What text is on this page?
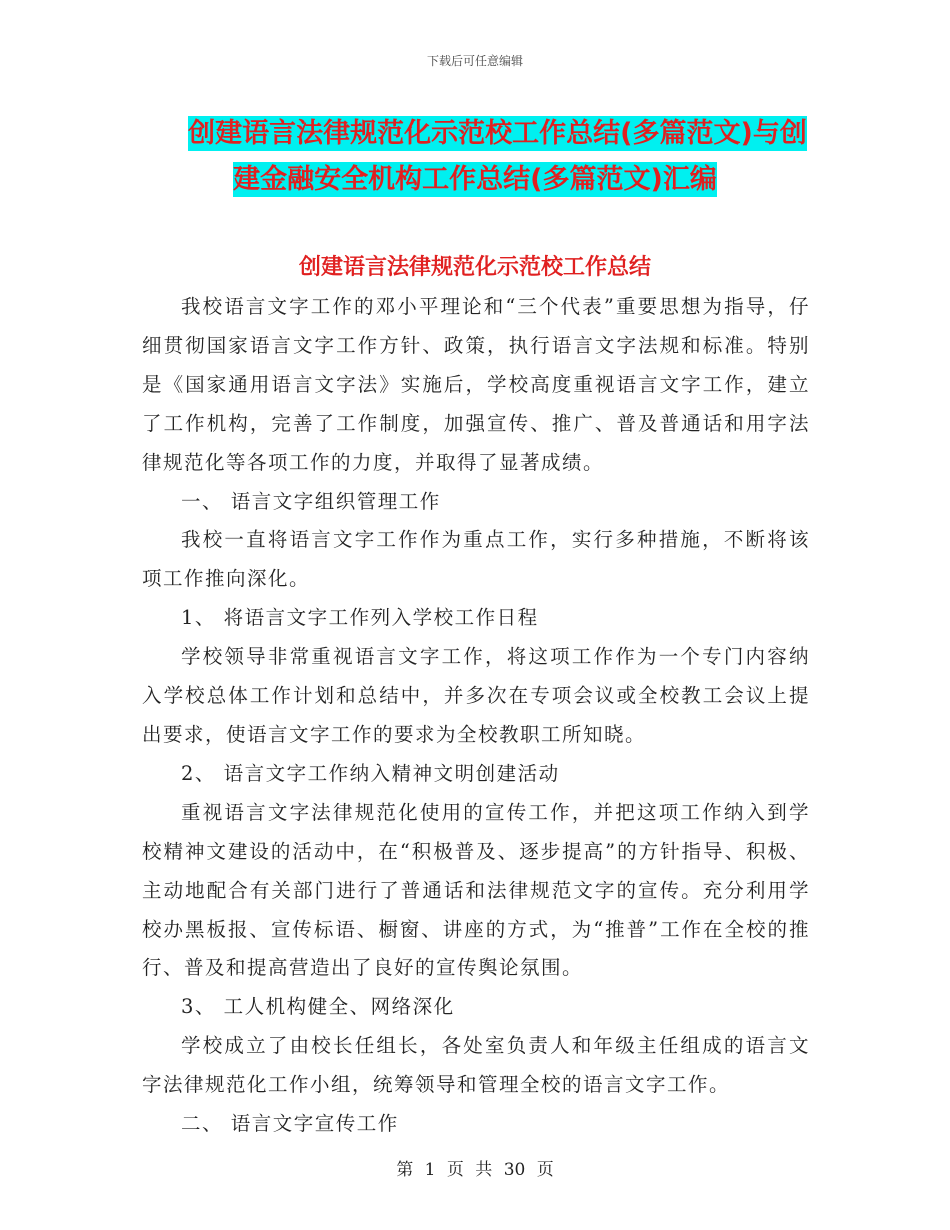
下载后可任意编辑
创建语言法律规范化示范校工作总结(多篇范文)与创
建金融安全机构工作总结(多篇范文)汇编
创建语言法律规范化示范校工作总结

我校语言文字工作的邓小平理论和“三个代表”重要思想为指导，仔细贯彻国家语言文字工作方针、政策，执行语言文字法规和标准。特别是《国家通用语言文字法》实施后，学校高度重视语言文字工作，建立了工作机构，完善了工作制度，加强宣传、推广、普及普通话和用字法律规范化等各项工作的力度，并取得了显著成绩。

一、 语言文字组织管理工作

我校一直将语言文字工作作为重点工作，实行多种措施，不断将该项工作推向深化。

1、 将语言文字工作列入学校工作日程

学校领导非常重视语言文字工作，将这项工作作为一个专门内容纳入学校总体工作计划和总结中，并多次在专项会议或全校教工会议上提出要求，使语言文字工作的要求为全校教职工所知晓。

2、 语言文字工作纳入精神文明创建活动

重视语言文字法律规范化使用的宣传工作，并把这项工作纳入到学校精神文建设的活动中，在“积极普及、逐步提高”的方针指导、积极、主动地配合有关部门进行了普通话和法律规范文字的宣传。充分利用学校办黑板报、宣传标语、橱窗、讲座的方式，为“推普”工作在全校的推行、普及和提高营造出了良好的宣传舆论氛围。

3、 工人机构健全、网络深化

学校成立了由校长任组长，各处室负责人和年级主任组成的语言文字法律规范化工作小组，统筹领导和管理全校的语言文字工作。

二、 语言文字宣传工作

第 1 页 共 30 页
